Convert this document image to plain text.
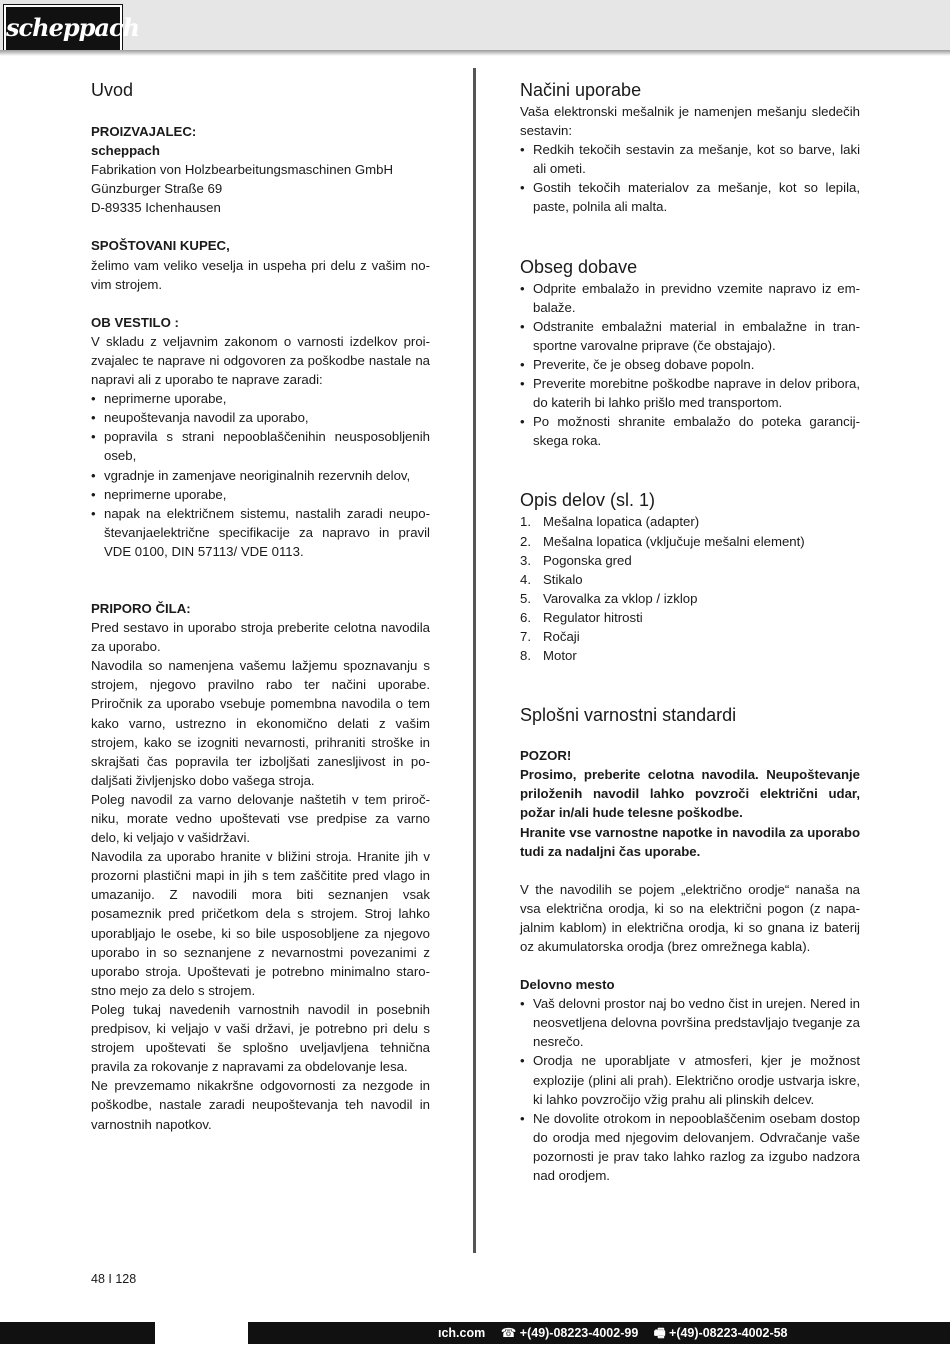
scheppach
Uvod
PROIZVAJALEC:
scheppach
Fabrikation von Holzbearbeitungsmaschinen GmbH
Günzburger Straße 69
D-89335 Ichenhausen
SPOŠTOVANI KUPEC,

želimo vam veliko veselja in uspeha pri delu z vašim novim strojem.

OB VESTILO :

V skladu z veljavnim zakonom o varnosti izdelkov proizvajalec te naprave ni odgovoren za poškodbe nastale na napravi ali z uporabo te naprave zaradi:

• neprimerne uporabe,
• neupoštevanja navodil za uporabo,
• popravila s strani nepooblaščenihin neusposobljenih oseb,
• vgradnje in zamenjave neoriginalnih rezervnih delov,
• neprimerne uporabe,
• napak na električnem sistemu, nastalih zaradi neupoštevanjaelektrične specifikacije za napravo in pravil VDE 0100, DIN 57113/ VDE 0113.
PRIPORO ČILA:

Pred sestavo in uporabo stroja preberite celotna navodila za uporabo.

Navodila so namenjena vašemu lažjemu spoznavanju s strojem, njegovo pravilno rabo ter načini uporabe. Priročnik za uporabo vsebuje pomembna navodila o tem kako varno, ustrezno in ekonomično delati z vašim strojem, kako se izogniti nevarnosti, prihraniti stroške in skrajšati čas popravila ter izboljšati zanesljivost in podaljšati življenjsko dobo vašega stroja.

Poleg navodil za varno delovanje naštetih v tem priročniku, morate vedno upoštevati vse predpise za varno delo, ki veljajo v vašidržavi.

Navodila za uporabo hranite v bližini stroja. Hranite jih v prozorni plastični mapi in jih s tem zaščitite pred vlago in umazanijo. Z navodili mora biti seznanjen vsak posameznik pred pričetkom dela s strojem. Stroj lahko uporabljajo le osebe, ki so bile usposobljene za njegovo uporabo in so seznanjene z nevarnostmi povezanimi z uporabo stroja. Upoštevati je potrebno minimalno starostno mejo za delo s strojem.

Poleg tukaj navedenih varnostnih navodil in posebnih predpisov, ki veljajo v vaši državi, je potrebno pri delu s strojem upoštevati še splošno uveljavljena tehnična pravila za rokovanje z napravami za obdelovanje lesa.

Ne prevzemamo nikakršne odgovornosti za nezgode in poškodbe, nastale zaradi neupoštevanja teh navodil in varnostnih napotkov.

Načini uporabe

Vaša elektronski mešalnik je namenjen mešanju sledečih sestavin:

• Redkih tekočih sestavin za mešanje, kot so barve, laki ali ometi.
• Gostih tekočih materialov za mešanje, kot so lepila, paste, polnila ali malta.
Obseg dobave
• Odprite embalažo in previdno vzemite napravo iz embalaže.
• Odstranite embalažni material in embalažne in transportne varovalne priprave (če obstajajo).
• Preverite, če je obseg dobave popoln.
• Preverite morebitne poškodbe naprave in delov pribora, do katerih bi lahko prišlo med transportom.
• Po možnosti shranite embalažo do poteka garancijskega roka.
Opis delov (sl. 1)
1. Mešalna lopatica (adapter)
2. Mešalna lopatica (vključuje mešalni element)
3. Pogonska gred
4. Stikalo
5. Varovalka za vklop / izklop
6. Regulator hitrosti
7. Ročaji
8. Motor
Splošni varnostni standardi
POZOR!

Prosimo, preberite celotna navodila. Neupoštevanje priloženih navodil lahko povzroči električni udar, požar in/ali hude telesne poškodbe.

Hranite vse varnostne napotke in navodila za uporabo tudi za nadaljni čas uporabe.

V the navodilih se pojem „električno orodje“ nanaša na vsa električna orodja, ki so na električni pogon (z napajalnim kablom) in električna orodja, ki so gnana iz baterij oz akumulatorska orodja (brez omrežnega kabla).

Delovno mesto
• Vaš delovni prostor naj bo vedno čist in urejen. Nered in neosvetljena delovna površina predstavljajo tveganje za nesrečo.
• Orodja ne uporabljate v atmosferi, kjer je možnost explozije (plini ali prah). Električno orodje ustvarja iskre, ki lahko povzročijo vžig prahu ali plinskih delcev.
• Ne dovolite otrokom in nepooblaščenim osebam dostop do orodja med njegovim delovanjem. Odvračanje vaše pozornosti je prav tako lahko razlog za izgubo nadzora nad orodjem.
48 I 128
ıch.com ☎ +(49)-08223-4002-99 🖷 +(49)-08223-4002-58
